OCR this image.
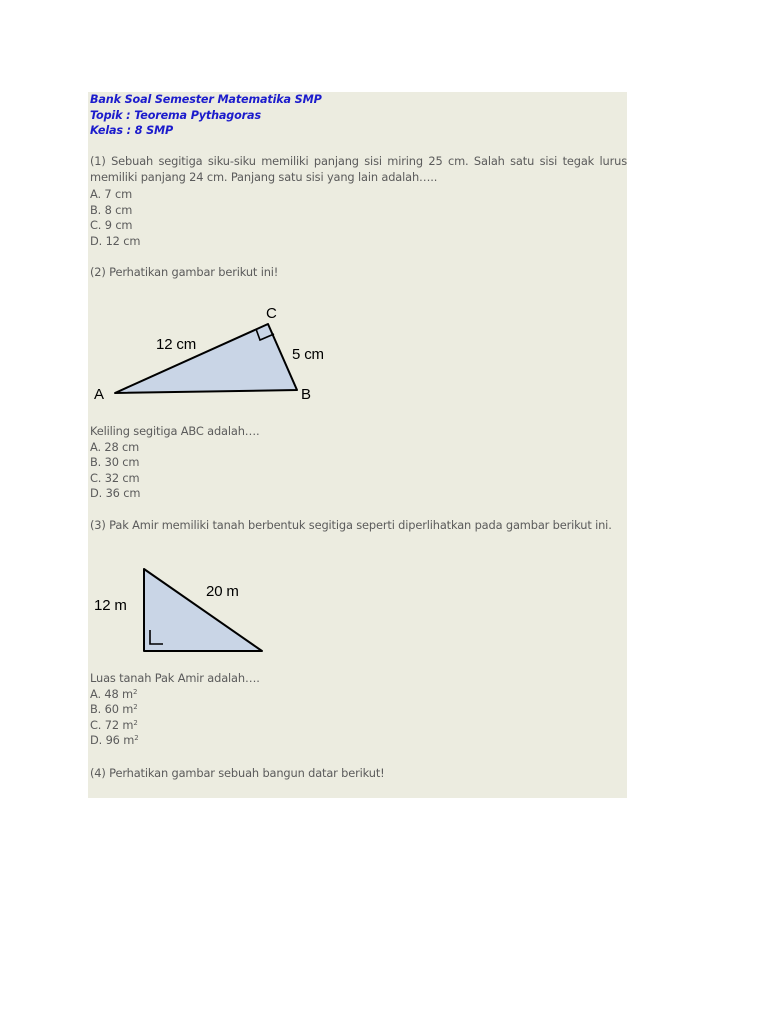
Bank Soal Semester Matematika SMP
Topik : Teorema Pythagoras
Kelas : 8 SMP
(1) Sebuah segitiga siku-siku memiliki panjang sisi miring 25 cm. Salah satu sisi tegak lurus memiliki panjang 24 cm. Panjang satu sisi yang lain adalah…..
A. 7 cm
B. 8 cm
C. 9 cm
D. 12 cm
(2) Perhatikan gambar berikut ini!
A	B
C
12 cm
5 cm
Keliling segitiga ABC adalah….
A. 28 cm
B. 30 cm
C. 32 cm
D. 36 cm
(3) Pak Amir memiliki tanah berbentuk segitiga seperti diperlihatkan pada gambar berikut ini.
12 m
20 m
Luas tanah Pak Amir adalah….
A. 48 $m^2$
B. 60 $m^2$
C. 72 $m^2$
D. 96 $m^2$
(4) Perhatikan gambar sebuah bangun datar berikut!
